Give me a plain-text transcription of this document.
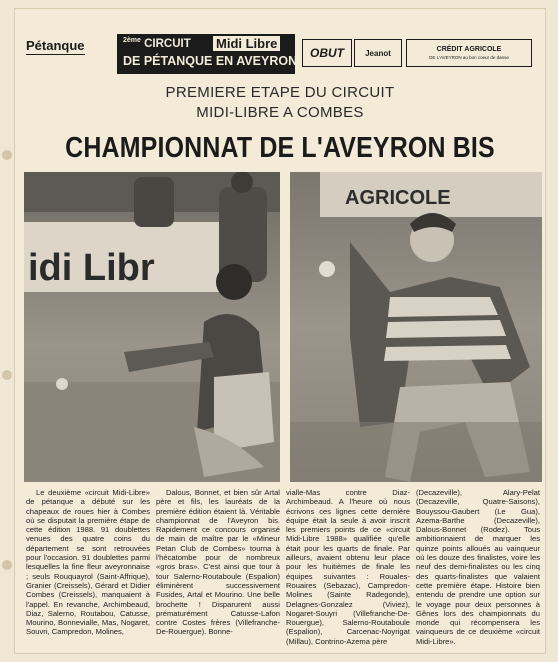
Pétanque	$^{2ème}$ CIRCUIT Midi Libre
DE PÉTANQUE EN AVEYRON
OBUT	Jeanot	CRÉDIT AGRICOLE
DE L'AVEYRON au bon coeur de danse
PREMIERE ETAPE DU CIRCUIT
MIDI-LIBRE A COMBES
CHAMPIONNAT DE L'AVEYRON BIS
idi Libr
AGRICOLE

Le deuxième «circuit Midi-Libre» de pétanque a débuté sur les chapeaux de roues hier à Combes où se disputait la première étape de cette édition 1988. 91 doublettes venues des quatre coins du département se sont retrouvées pour l'occasion. 91 doublettes parmi lesquelles la fine fleur aveyronnaise ; seuls Rouquayrol (Saint-Affrique), Granier (Creissels), Gérard et Didier Combes (Creissels), manquaient à l'appel. En revanche, Archimbeaud, Diaz, Salerno, Routabou, Catusse, Mourino, Bonnevialle, Mas, Nogaret, Souvri, Campredon, Molines,

Dalous, Bonnet, et bien sûr Artal père et fils, les lauréats de la première édition étaient là. Véritable championnat de l'Aveyron bis. Rapidement ce concours organisé de main de maître par le «Mineur Petan Club de Combes» tourna à l'hécatombe pour de nombreux «gros bras». C'est ainsi que tour à tour Salerno-Routaboule (Espalion) éliminèrent successivement Fusides, Artal et Mourino. Une belle brochette ! Disparurent aussi prématurément Catusse-Lafon contre Costes frères (Villefranche-De-Rouergue). Bonne-

vialle-Mas contre Diaz-Archimbeaud. A l'heure où nous écrivons ces lignes cette dernière équipe était la seule à avoir inscrit les premiers points de ce «circuit Midi-Libre 1988» qualifiée qu'elle était pour les quarts de finale. Par ailleurs, avaient obtenu leur place pour les huitièmes de finale les équipes suivantes : Rouales-Rouaires (Sebazac), Campredon-Molines (Sainte Radegonde), Delagnes-Gonzalez (Viviez), Nogaret-Souyri (Villefranche-De-Rouergue), Salerno-Routaboule (Espalion), Carcenac-Noyrigat (Millau), Contrino-Azema père

(Decazeville), Alary-Pelat (Decazeville, Quatre-Saisons), Bouyssou-Gaubert (Le Gua), Azema-Barthe (Decazeville), Dalous-Bonnet (Rodez). Tous ambitionnaient de marquer les quinze points alloués au vainqueur où les douze des finalistes, voire les neuf des demi-finalistes ou les cinq des quarts-finalistes que valaient cette première étape. Histoire bien entendu de prendre une option sur le voyage pour deux personnes à Gênes lors des championnats du monde qui récompensera les vainqueurs de ce deuxième «circuit Midi-Libre».
